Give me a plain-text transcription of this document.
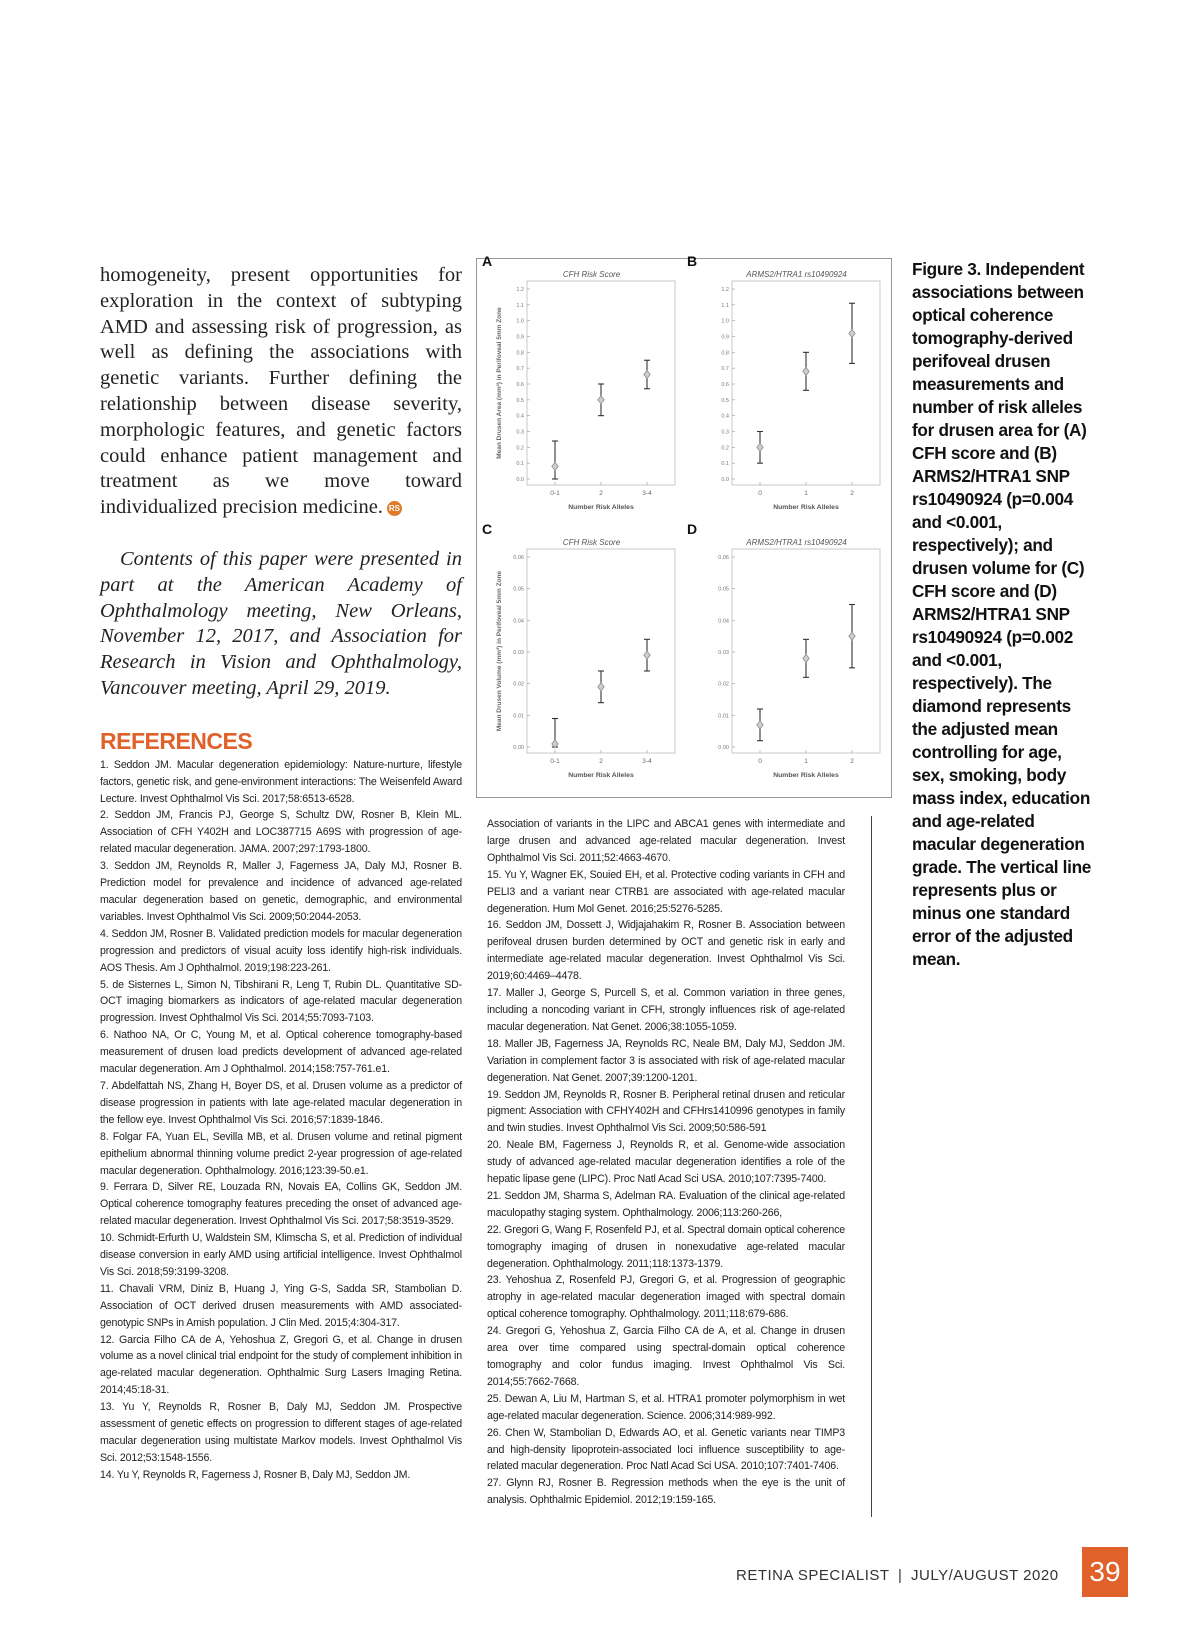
homogeneity, present opportunities for exploration in the context of subtyping AMD and assessing risk of progression, as well as defining the associations with genetic variants. Further defining the relationship between disease severity, morphologic features, and genetic factors could enhance patient management and treatment as we move toward individualized precision medicine. RS

Contents of this paper were presented in part at the American Academy of Ophthalmology meeting, New Orleans, November 12, 2017, and Association for Research in Vision and Ophthalmology, Vancouver meeting, April 29, 2019.

REFERENCES

1. Seddon JM. Macular degeneration epidemiology: Nature-nurture, lifestyle factors, genetic risk, and gene-environment interactions: The Weisenfeld Award Lecture. Invest Ophthalmol Vis Sci. 2017;58:6513-6528.

2. Seddon JM, Francis PJ, George S, Schultz DW, Rosner B, Klein ML. Association of CFH Y402H and LOC387715 A69S with progression of age-related macular degeneration. JAMA. 2007;297:1793-1800.

3. Seddon JM, Reynolds R, Maller J, Fagerness JA, Daly MJ, Rosner B. Prediction model for prevalence and incidence of advanced age-related macular degeneration based on genetic, demographic, and environmental variables. Invest Ophthalmol Vis Sci. 2009;50:2044-2053.

4. Seddon JM, Rosner B. Validated prediction models for macular degeneration progression and predictors of visual acuity loss identify high-risk individuals. AOS Thesis. Am J Ophthalmol. 2019;198:223-261.

5. de Sisternes L, Simon N, Tibshirani R, Leng T, Rubin DL. Quantitative SD-OCT imaging biomarkers as indicators of age-related macular degeneration progression. Invest Ophthalmol Vis Sci. 2014;55:7093-7103.

6. Nathoo NA, Or C, Young M, et al. Optical coherence tomography-based measurement of drusen load predicts development of advanced age-related macular degeneration. Am J Ophthalmol. 2014;158:757-761.e1.

7. Abdelfattah NS, Zhang H, Boyer DS, et al. Drusen volume as a predictor of disease progression in patients with late age-related macular degeneration in the fellow eye. Invest Ophthalmol Vis Sci. 2016;57:1839-1846.

8. Folgar FA, Yuan EL, Sevilla MB, et al. Drusen volume and retinal pigment epithelium abnormal thinning volume predict 2-year progression of age-related macular degeneration. Ophthalmology. 2016;123:39-50.e1.

9. Ferrara D, Silver RE, Louzada RN, Novais EA, Collins GK, Seddon JM. Optical coherence tomography features preceding the onset of advanced age-related macular degeneration. Invest Ophthalmol Vis Sci. 2017;58:3519-3529.

10. Schmidt-Erfurth U, Waldstein SM, Klimscha S, et al. Prediction of individual disease conversion in early AMD using artificial intelligence. Invest Ophthalmol Vis Sci. 2018;59:3199-3208.

11. Chavali VRM, Diniz B, Huang J, Ying G-S, Sadda SR, Stambolian D. Association of OCT derived drusen measurements with AMD associated-genotypic SNPs in Amish population. J Clin Med. 2015;4:304-317.

12. Garcia Filho CA de A, Yehoshua Z, Gregori G, et al. Change in drusen volume as a novel clinical trial endpoint for the study of complement inhibition in age-related macular degeneration. Ophthalmic Surg Lasers Imaging Retina. 2014;45:18-31.

13. Yu Y, Reynolds R, Rosner B, Daly MJ, Seddon JM. Prospective assessment of genetic effects on progression to different stages of age-related macular degeneration using multistate Markov models. Invest Ophthalmol Vis Sci. 2012;53:1548-1556.

14. Yu Y, Reynolds R, Fagerness J, Rosner B, Daly MJ, Seddon JM.

A
CFH Risk Score
0.0
0.1
0.2
0.3
0.4
0.5
0.6
0.7
0.8
0.9
1.0
1.1
1.2
Mean Drusen Area (mm²) in Perifoveal 5mm Zone
0-1	2	3-4
Number Risk Alleles
B
ARMS2/HTRA1 rs10490924
0.0
0.1
0.2
0.3
0.4
0.5
0.6
0.7
0.8
0.9
1.0
1.1
1.2
0	1	2
Number Risk Alleles
C
CFH Risk Score
0.00
0.01
0.02
0.03
0.04
0.05
0.06
Mean Drusen Volume (mm³) in Perifoveal 5mm Zone
0-1	2	3-4
Number Risk Alleles
D
ARMS2/HTRA1 rs10490924
0.00
0.01
0.02
0.03
0.04
0.05
0.06
0	1	2
Number Risk Alleles

Association of variants in the LIPC and ABCA1 genes with intermediate and large drusen and advanced age-related macular degeneration. Invest Ophthalmol Vis Sci. 2011;52:4663-4670.

15. Yu Y, Wagner EK, Souied EH, et al. Protective coding variants in CFH and PELI3 and a variant near CTRB1 are associated with age-related macular degeneration. Hum Mol Genet. 2016;25:5276-5285.

16. Seddon JM, Dossett J, Widjajahakim R, Rosner B. Association between perifoveal drusen burden determined by OCT and genetic risk in early and intermediate age-related macular degeneration. Invest Ophthalmol Vis Sci. 2019;60:4469–4478.

17. Maller J, George S, Purcell S, et al. Common variation in three genes, including a noncoding variant in CFH, strongly influences risk of age-related macular degeneration. Nat Genet. 2006;38:1055-1059.

18. Maller JB, Fagerness JA, Reynolds RC, Neale BM, Daly MJ, Seddon JM. Variation in complement factor 3 is associated with risk of age-related macular degeneration. Nat Genet. 2007;39:1200-1201.

19. Seddon JM, Reynolds R, Rosner B. Peripheral retinal drusen and reticular pigment: Association with CFHY402H and CFHrs1410996 genotypes in family and twin studies. Invest Ophthalmol Vis Sci. 2009;50:586-591

20. Neale BM, Fagerness J, Reynolds R, et al. Genome-wide association study of advanced age-related macular degeneration identifies a role of the hepatic lipase gene (LIPC). Proc Natl Acad Sci USA. 2010;107:7395-7400.

21. Seddon JM, Sharma S, Adelman RA. Evaluation of the clinical age-related maculopathy staging system. Ophthalmology. 2006;113:260-266,

22. Gregori G, Wang F, Rosenfeld PJ, et al. Spectral domain optical coherence tomography imaging of drusen in nonexudative age-related macular degeneration. Ophthalmology. 2011;118:1373-1379.

23. Yehoshua Z, Rosenfeld PJ, Gregori G, et al. Progression of geographic atrophy in age-related macular degeneration imaged with spectral domain optical coherence tomography. Ophthalmology. 2011;118:679-686.

24. Gregori G, Yehoshua Z, Garcia Filho CA de A, et al. Change in drusen area over time compared using spectral-domain optical coherence tomography and color fundus imaging. Invest Ophthalmol Vis Sci. 2014;55:7662-7668.

25. Dewan A, Liu M, Hartman S, et al. HTRA1 promoter polymorphism in wet age-related macular degeneration. Science. 2006;314:989-992.

26. Chen W, Stambolian D, Edwards AO, et al. Genetic variants near TIMP3 and high-density lipoprotein-associated loci influence susceptibility to age-related macular degeneration. Proc Natl Acad Sci USA. 2010;107:7401-7406.

27. Glynn RJ, Rosner B. Regression methods when the eye is the unit of analysis. Ophthalmic Epidemiol. 2012;19:159-165.

Figure 3. Independent associations between optical coherence tomography-derived perifoveal drusen measurements and number of risk alleles for drusen area for (A) CFH score and (B) ARMS2/HTRA1 SNP rs10490924 (p=0.004 and <0.001, respectively); and drusen volume for (C) CFH score and (D) ARMS2/HTRA1 SNP rs10490924 (p=0.002 and <0.001, respectively). The diamond represents the adjusted mean controlling for age, sex, smoking, body mass index, education and age-related macular degeneration grade. The vertical line represents plus or minus one standard error of the adjusted mean.
RETINA SPECIALIST | JULY/AUGUST 2020 39
